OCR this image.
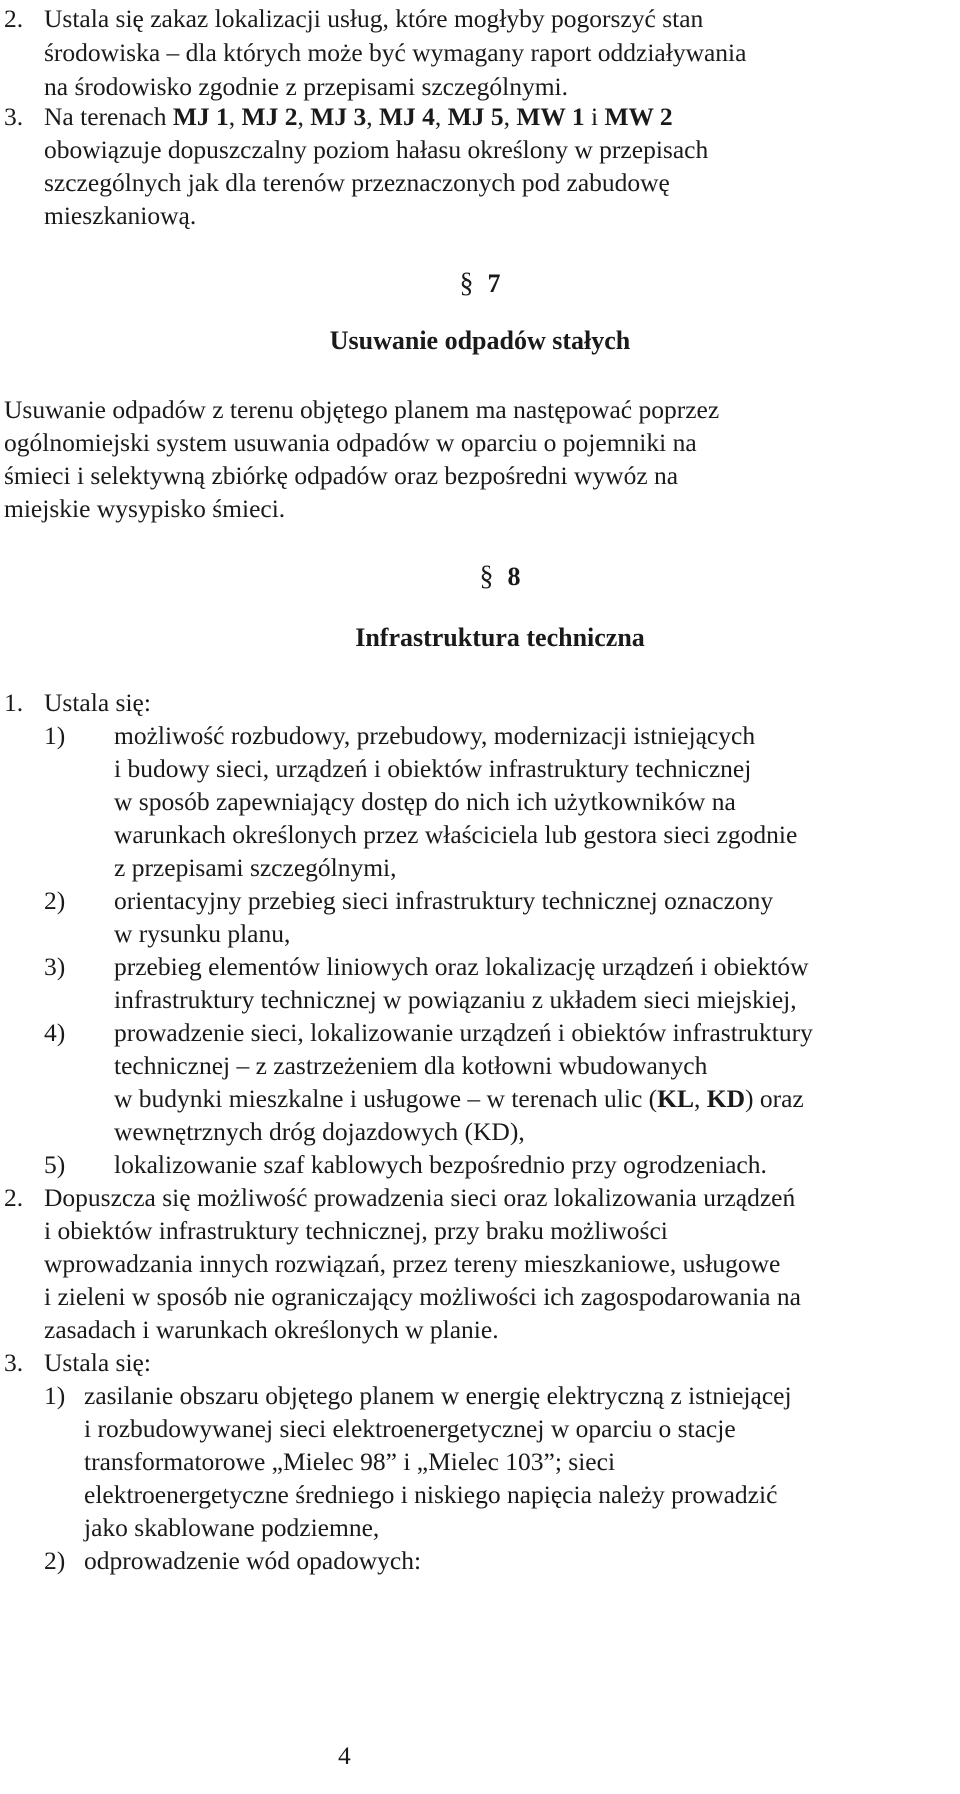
2. Ustala się zakaz lokalizacji usług, które mogłyby pogorszyć stan
środowiska – dla których może być wymagany raport oddziaływania
na środowisko zgodnie z przepisami szczególnymi.
3. Na terenach MJ 1, MJ 2, MJ 3, MJ 4, MJ 5, MW 1 i MW 2
obowiązuje dopuszczalny poziom hałasu określony w przepisach
szczególnych jak dla terenów przeznaczonych pod zabudowę
mieszkaniową.
§ 7
Usuwanie odpadów stałych
Usuwanie odpadów z terenu objętego planem ma następować poprzez
ogólnomiejski system usuwania odpadów w oparciu o pojemniki na
śmieci i selektywną zbiórkę odpadów oraz bezpośredni wywóz na
miejskie wysypisko śmieci.
§ 8
Infrastruktura techniczna
1. Ustala się:
1) możliwość rozbudowy, przebudowy, modernizacji istniejących
i budowy sieci, urządzeń i obiektów infrastruktury technicznej
w sposób zapewniający dostęp do nich ich użytkowników na
warunkach określonych przez właściciela lub gestora sieci zgodnie
z przepisami szczególnymi,
2) orientacyjny przebieg sieci infrastruktury technicznej oznaczony
w rysunku planu,
3) przebieg elementów liniowych oraz lokalizację urządzeń i obiektów
infrastruktury technicznej w powiązaniu z układem sieci miejskiej,
4) prowadzenie sieci, lokalizowanie urządzeń i obiektów infrastruktury
technicznej – z zastrzeżeniem dla kotłowni wbudowanych
w budynki mieszkalne i usługowe – w terenach ulic (KL, KD) oraz
wewnętrznych dróg dojazdowych (KD),
5) lokalizowanie szaf kablowych bezpośrednio przy ogrodzeniach.
2. Dopuszcza się możliwość prowadzenia sieci oraz lokalizowania urządzeń
i obiektów infrastruktury technicznej, przy braku możliwości
wprowadzania innych rozwiązań, przez tereny mieszkaniowe, usługowe
i zieleni w sposób nie ograniczający możliwości ich zagospodarowania na
zasadach i warunkach określonych w planie.
3. Ustala się:
1) zasilanie obszaru objętego planem w energię elektryczną z istniejącej
i rozbudowywanej sieci elektroenergetycznej w oparciu o stacje
transformatorowe „Mielec 98” i „Mielec 103”; sieci
elektroenergetyczne średniego i niskiego napięcia należy prowadzić
jako skablowane podziemne,
2) odprowadzenie wód opadowych:
4
